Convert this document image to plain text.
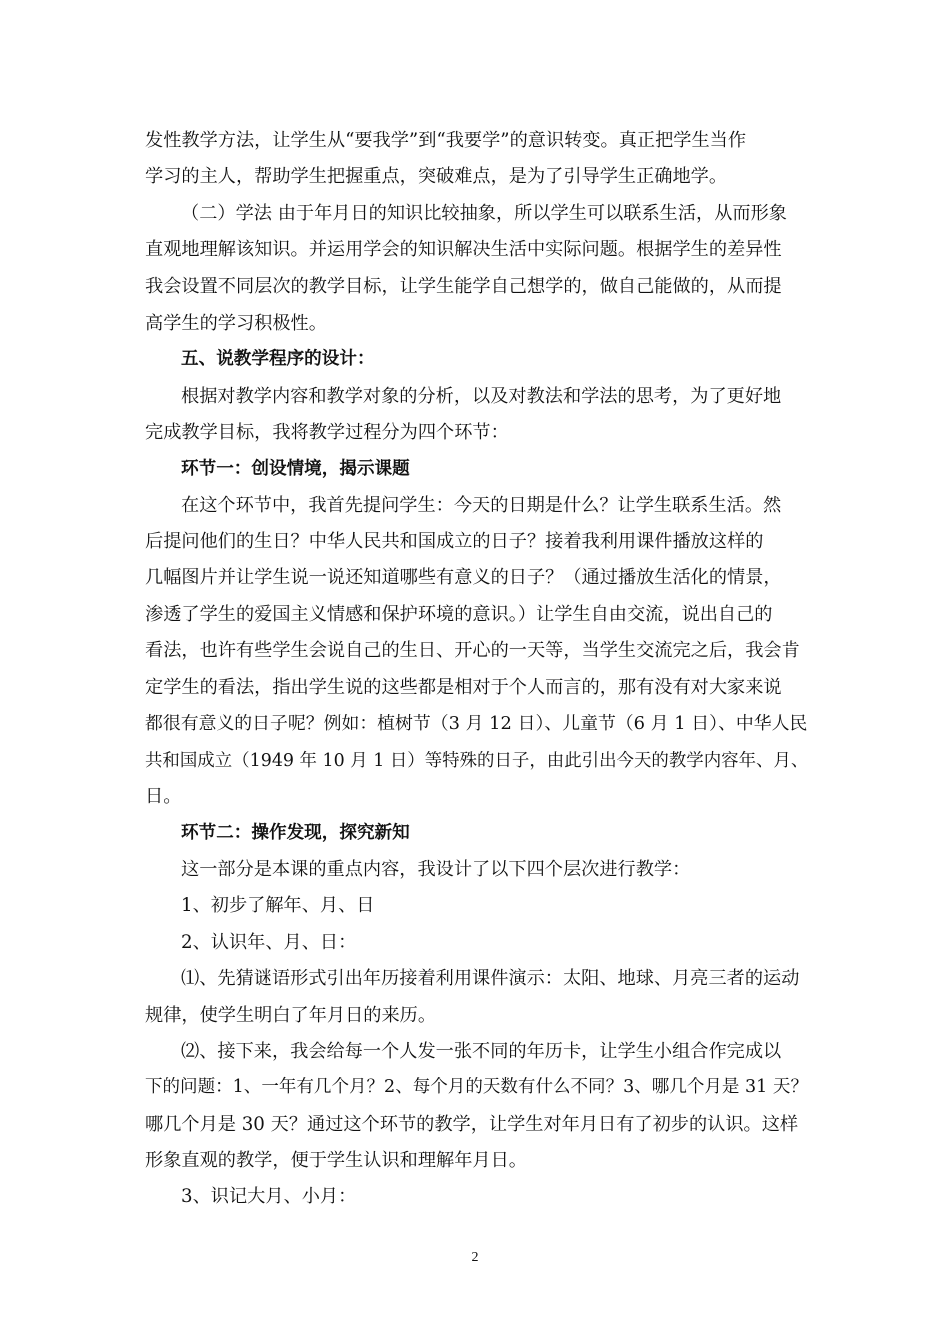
发性教学方法，让学生从“要我学”到“我要学”的意识转变。真正把学生当作
学习的主人，帮助学生把握重点，突破难点，是为了引导学生正确地学。
（二）学法 由于年月日的知识比较抽象，所以学生可以联系生活，从而形象
直观地理解该知识。并运用学会的知识解决生活中实际问题。根据学生的差异性
我会设置不同层次的教学目标，让学生能学自己想学的，做自己能做的，从而提
高学生的学习积极性。
五、说教学程序的设计：
根据对教学内容和教学对象的分析，以及对教法和学法的思考，为了更好地
完成教学目标，我将教学过程分为四个环节：
环节一：创设情境，揭示课题
在这个环节中，我首先提问学生：今天的日期是什么？让学生联系生活。然
后提问他们的生日？中华人民共和国成立的日子？接着我利用课件播放这样的
几幅图片并让学生说一说还知道哪些有意义的日子？（通过播放生活化的情景，
渗透了学生的爱国主义情感和保护环境的意识。）让学生自由交流，说出自己的
看法，也许有些学生会说自己的生日、开心的一天等，当学生交流完之后，我会肯
定学生的看法，指出学生说的这些都是相对于个人而言的，那有没有对大家来说
都很有意义的日子呢？例如：植树节（3 月 12 日）、儿童节（6 月 1 日）、中华人民
共和国成立（1949 年 10 月 1 日）等特殊的日子，由此引出今天的教学内容年、月、
日。
环节二：操作发现，探究新知
这一部分是本课的重点内容，我设计了以下四个层次进行教学：
1、初步了解年、月、日
2、认识年、月、日：
⑴、先猜谜语形式引出年历接着利用课件演示：太阳、地球、月亮三者的运动
规律，使学生明白了年月日的来历。
⑵、接下来，我会给每一个人发一张不同的年历卡，让学生小组合作完成以
下的问题：1、一年有几个月？2、每个月的天数有什么不同？3、哪几个月是 31 天？
哪几个月是 30 天？通过这个环节的教学，让学生对年月日有了初步的认识。这样
形象直观的教学，便于学生认识和理解年月日。
3、识记大月、小月：
2
